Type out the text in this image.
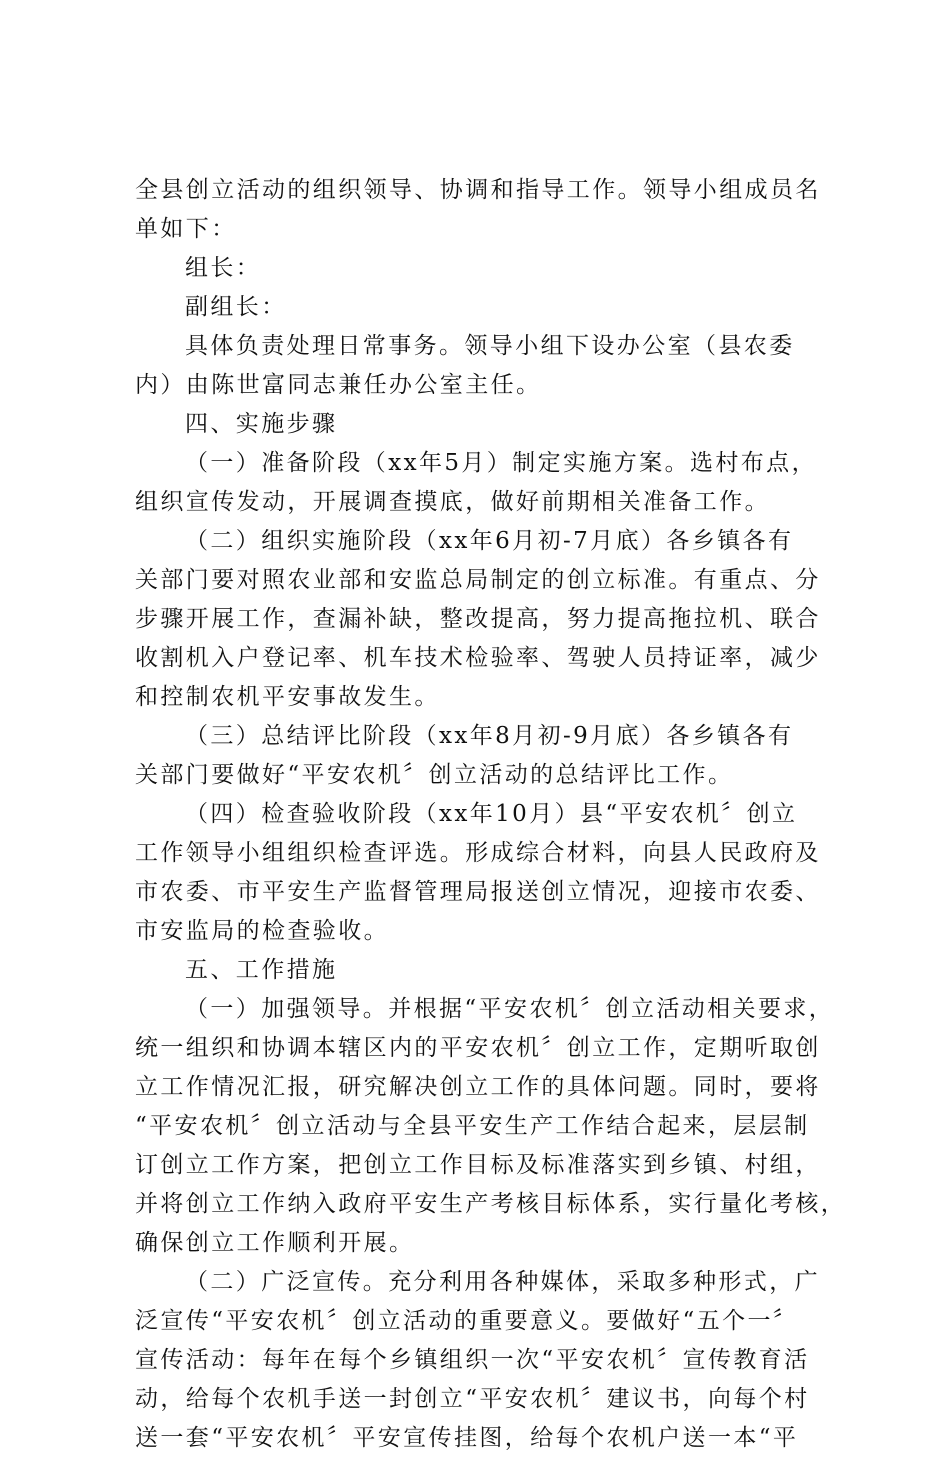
全县创立活动的组织领导、协调和指导工作。领导小组成员名

单如下：

组长：

副组长：

具体负责处理日常事务。领导小组下设办公室（县农委

内）由陈世富同志兼任办公室主任。

四、实施步骤

（一）准备阶段（xx年5月）制定实施方案。选村布点，

组织宣传发动，开展调查摸底，做好前期相关准备工作。

（二）组织实施阶段（xx年6月初-7月底）各乡镇各有

关部门要对照农业部和安监总局制定的创立标准。有重点、分

步骤开展工作，查漏补缺，整改提高，努力提高拖拉机、联合

收割机入户登记率、机车技术检验率、驾驶人员持证率，减少

和控制农机平安事故发生。

（三）总结评比阶段（xx年8月初-9月底）各乡镇各有

关部门要做好“平安农机〞创立活动的总结评比工作。

（四）检查验收阶段（xx年10月）县“平安农机〞创立

工作领导小组组织检查评选。形成综合材料，向县人民政府及

市农委、市平安生产监督管理局报送创立情况，迎接市农委、

市安监局的检查验收。

五、工作措施

（一）加强领导。并根据“平安农机〞创立活动相关要求，

统一组织和协调本辖区内的平安农机〞创立工作，定期听取创

立工作情况汇报，研究解决创立工作的具体问题。同时，要将

“平安农机〞创立活动与全县平安生产工作结合起来，层层制

订创立工作方案，把创立工作目标及标准落实到乡镇、村组，

并将创立工作纳入政府平安生产考核目标体系，实行量化考核，

确保创立工作顺利开展。

（二）广泛宣传。充分利用各种媒体，采取多种形式，广

泛宣传“平安农机〞创立活动的重要意义。要做好“五个一〞

宣传活动：每年在每个乡镇组织一次“平安农机〞宣传教育活

动，给每个农机手送一封创立“平安农机〞建议书，向每个村

送一套“平安农机〞平安宣传挂图，给每个农机户送一本“平
